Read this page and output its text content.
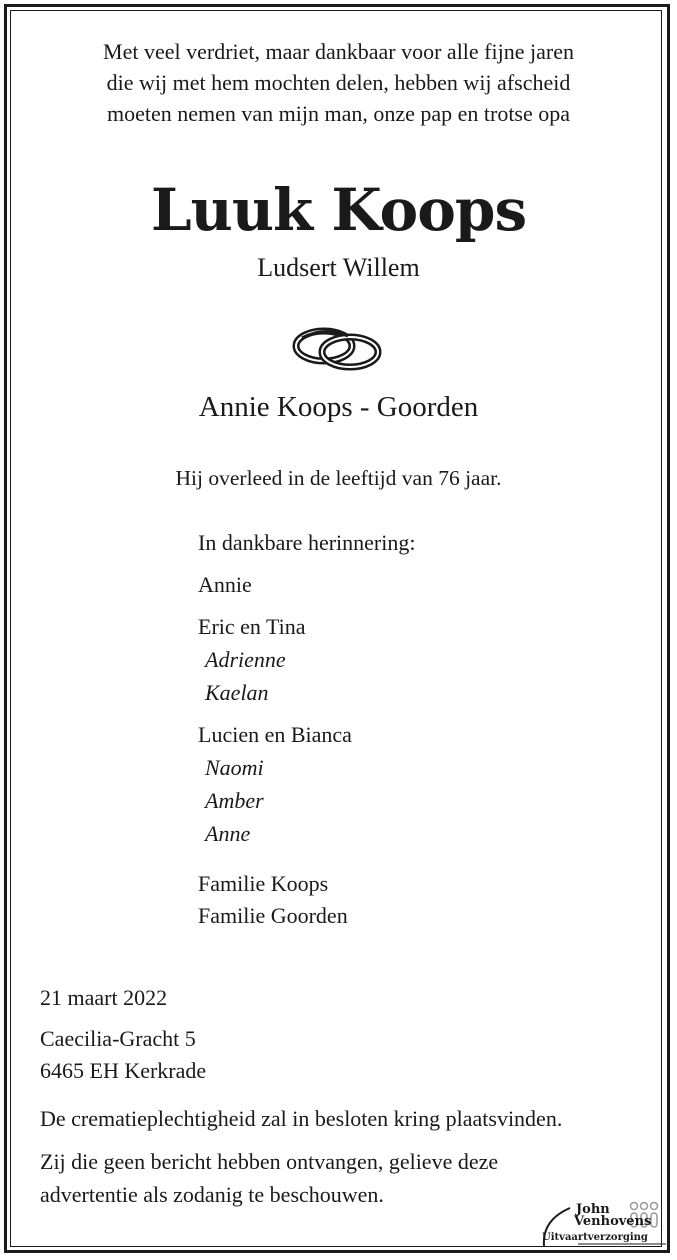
Met veel verdriet, maar dankbaar voor alle fijne jaren
die wij met hem mochten delen, hebben wij afscheid
moeten nemen van mijn man, onze pap en trotse opa
Luuk Koops
Ludsert Willem
Annie Koops - Goorden
Hij overleed in de leeftijd van 76 jaar.
In dankbare herinnering:
Annie
Eric en Tina
Adrienne
Kaelan
Lucien en Bianca
Naomi
Amber
Anne
Familie Koops
Familie Goorden
21 maart 2022
Caecilia-Gracht 5
6465 EH Kerkrade
De crematieplechtigheid zal in besloten kring plaatsvinden.
Zij die geen bericht hebben ontvangen, gelieve deze
advertentie als zodanig te beschouwen.
John
Venhovens
Uitvaartverzorging
